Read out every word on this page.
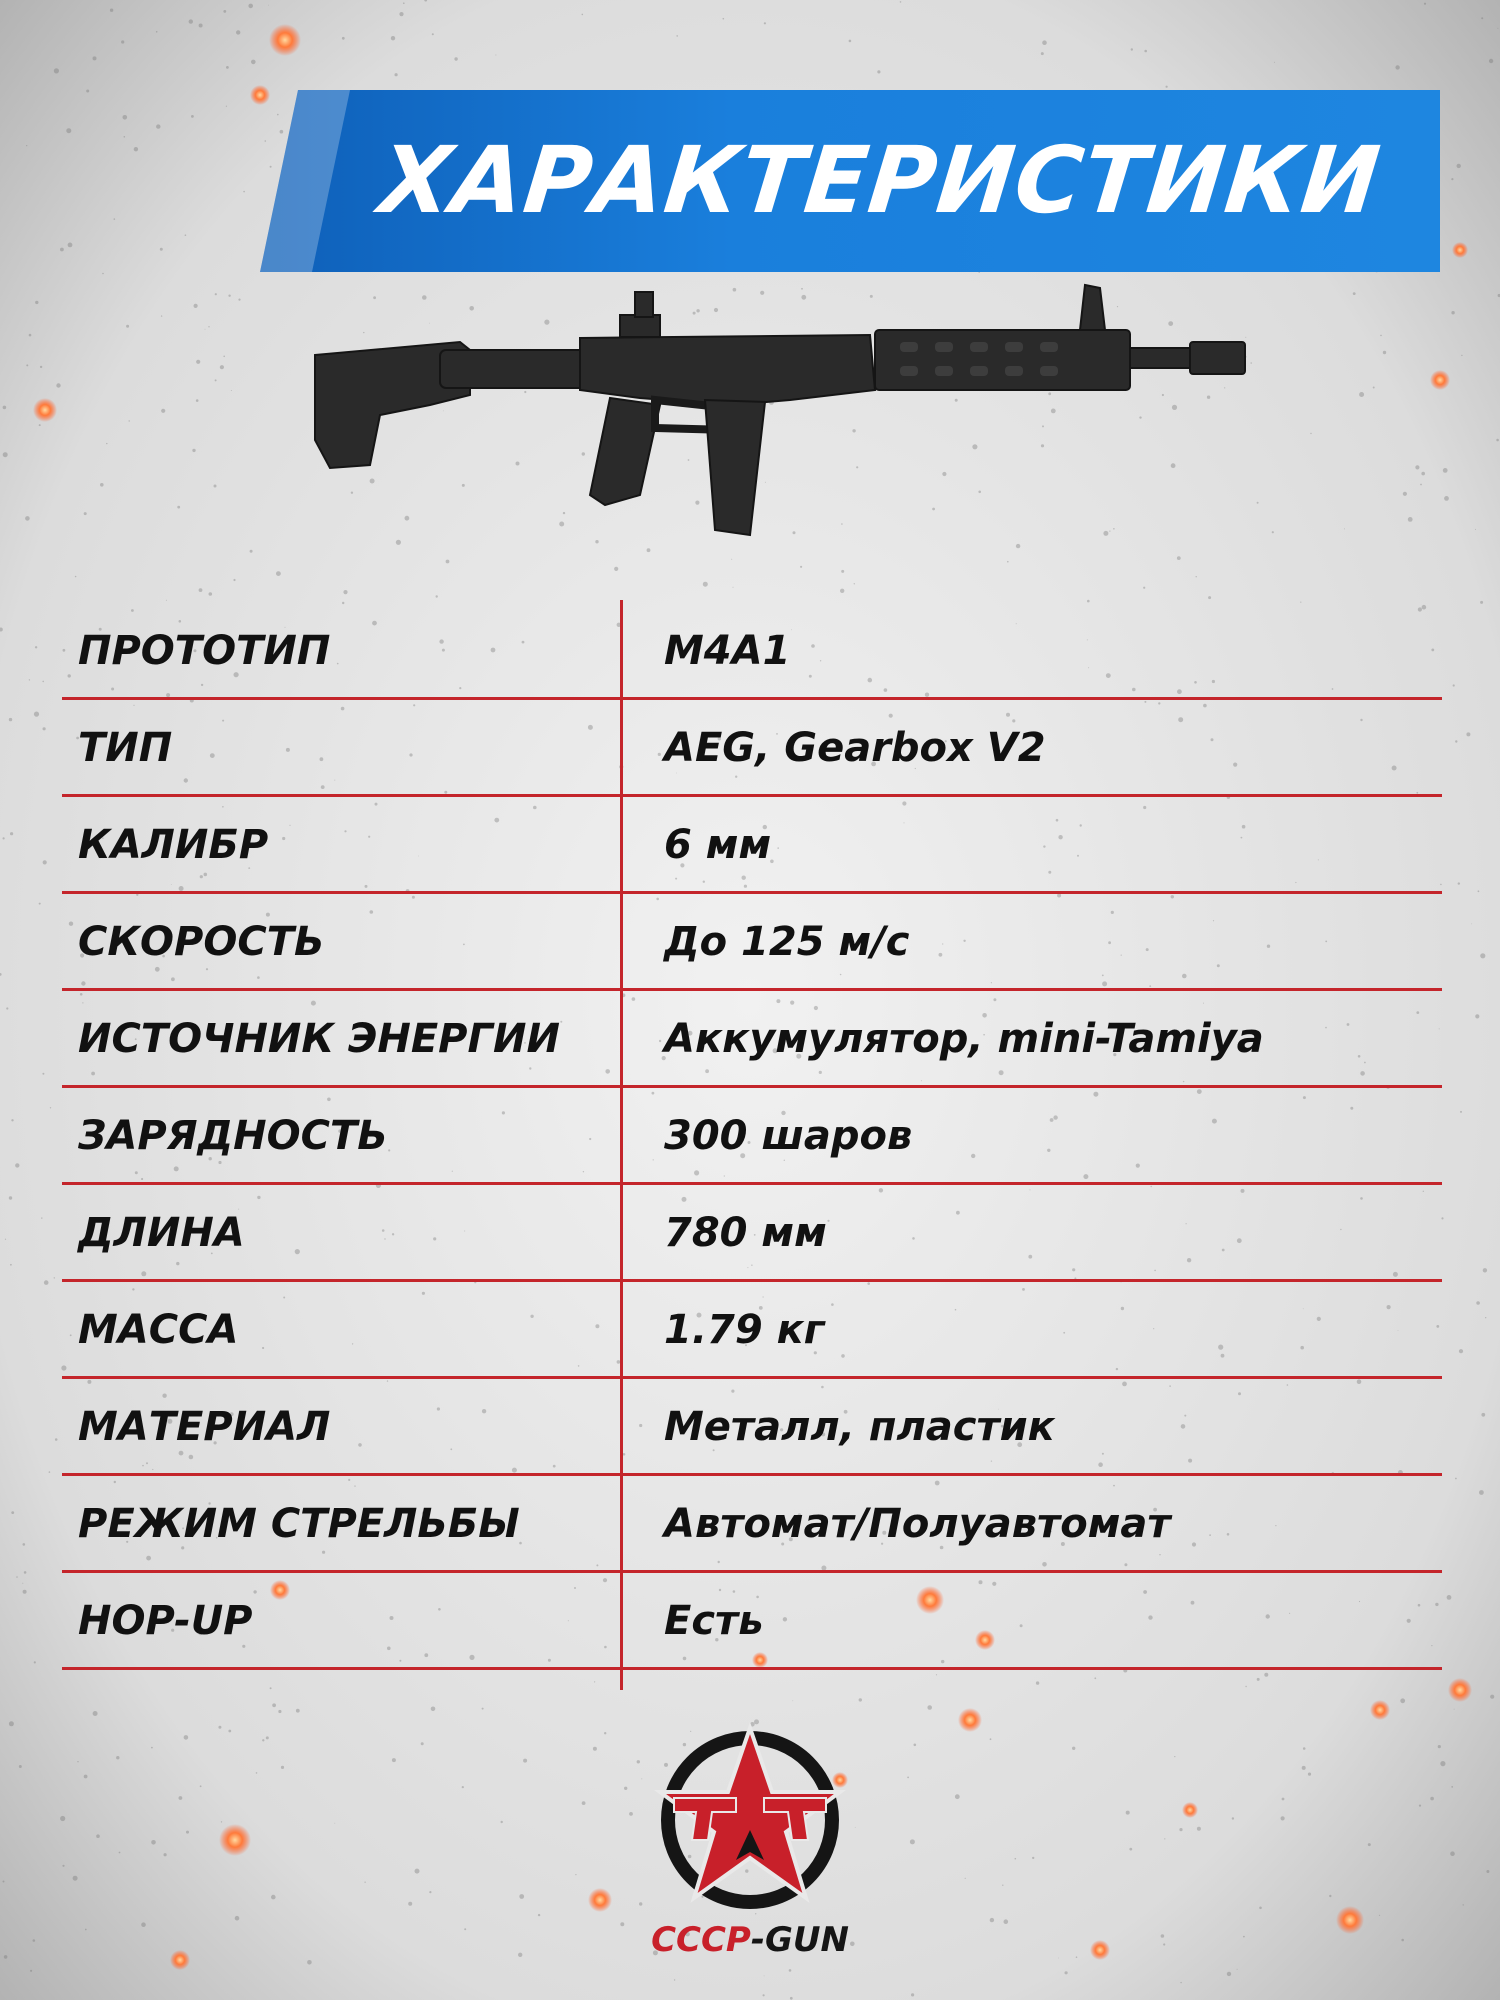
ХАРАКТЕРИСТИКИ
ПРОТОТИП	M4A1
ТИП	AEG, Gearbox V2
КАЛИБР	6 мм
СКОРОСТЬ	До 125 м/с
ИСТОЧНИК ЭНЕРГИИ	Аккумулятор, mini-Tamiya
ЗАРЯДНОСТЬ	300 шаров
ДЛИНА	780 мм
МАССА	1.79 кг
МАТЕРИАЛ	Металл, пластик
РЕЖИМ СТРЕЛЬБЫ	Автомат/Полуавтомат
HOP-UP	Есть
СССР-GUN
